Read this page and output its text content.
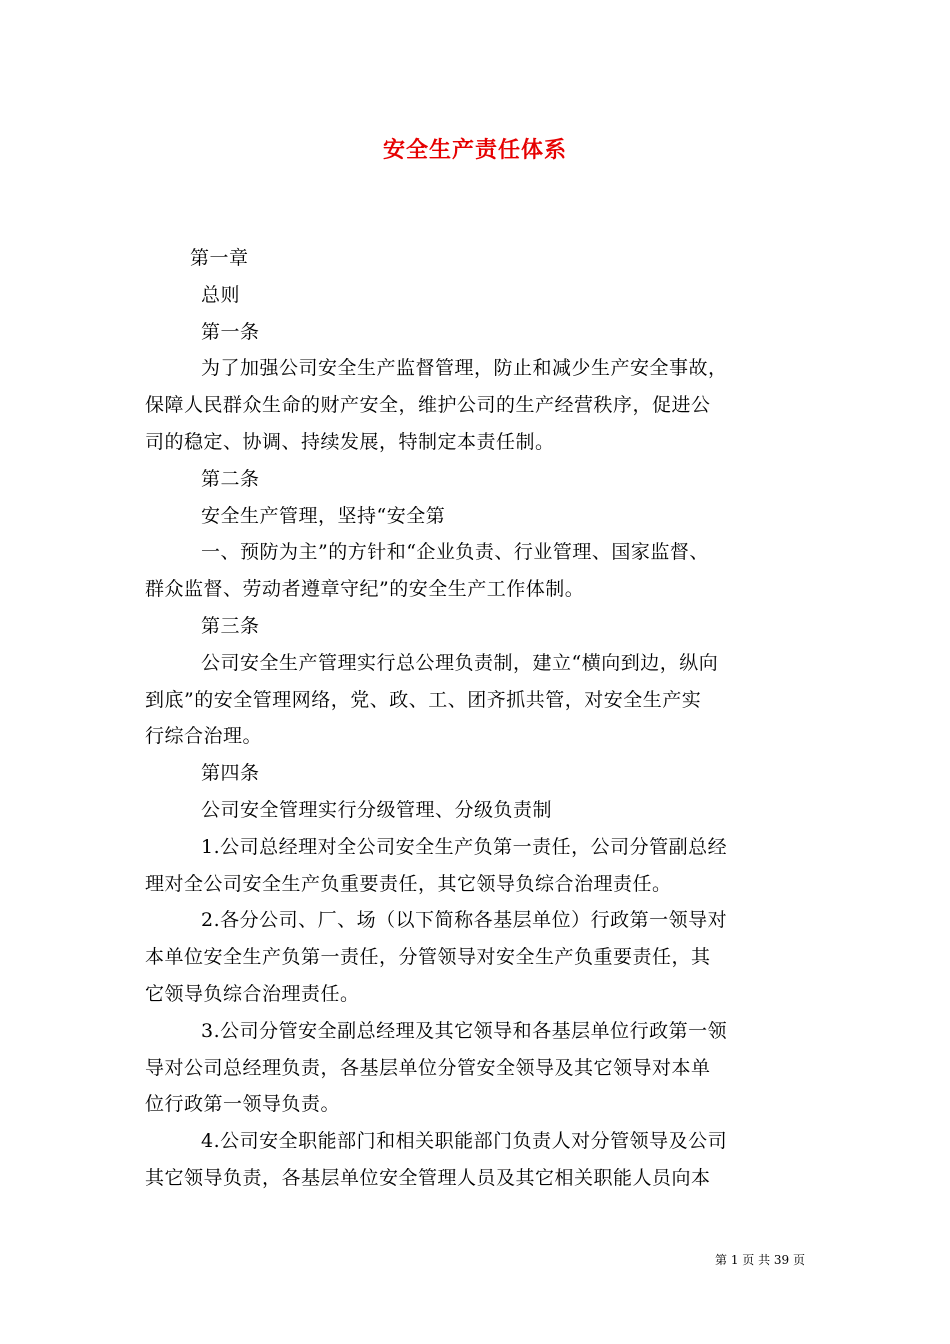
安全生产责任体系
第一章
总则
第一条
为了加强公司安全生产监督管理，防止和减少生产安全事故，
保障人民群众生命的财产安全，维护公司的生产经营秩序，促进公
司的稳定、协调、持续发展，特制定本责任制。
第二条
安全生产管理，坚持“安全第
一、预防为主”的方针和“企业负责、行业管理、国家监督、
群众监督、劳动者遵章守纪”的安全生产工作体制。
第三条
公司安全生产管理实行总公理负责制，建立“横向到边，纵向
到底”的安全管理网络，党、政、工、团齐抓共管，对安全生产实
行综合治理。
第四条
公司安全管理实行分级管理、分级负责制
1.公司总经理对全公司安全生产负第一责任，公司分管副总经
理对全公司安全生产负重要责任，其它领导负综合治理责任。
2.各分公司、厂、场（以下简称各基层单位）行政第一领导对
本单位安全生产负第一责任，分管领导对安全生产负重要责任，其
它领导负综合治理责任。
3.公司分管安全副总经理及其它领导和各基层单位行政第一领
导对公司总经理负责，各基层单位分管安全领导及其它领导对本单
位行政第一领导负责。
4.公司安全职能部门和相关职能部门负责人对分管领导及公司
其它领导负责，各基层单位安全管理人员及其它相关职能人员向本
第 1 页 共 39 页
